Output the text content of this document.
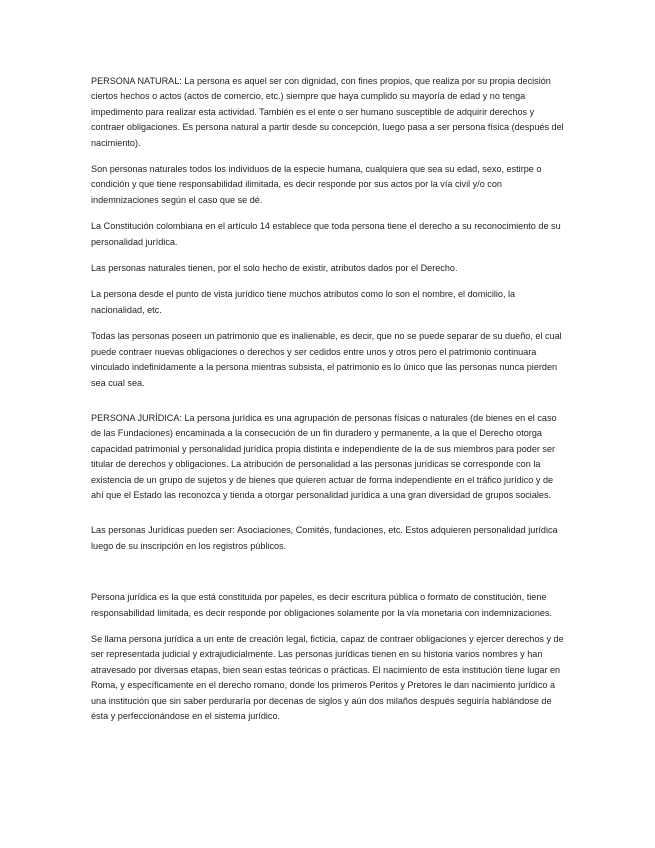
PERSONA NATURAL: La persona es aquel ser con dignidad, con fines propios, que realiza por su propia decisión ciertos hechos o actos (actos de comercio, etc.) siempre que haya cumplido su mayoría de edad y no tenga impedimento para realizar esta actividad. También es el ente o ser humano susceptible de adquirir derechos y contraer obligaciones. Es persona natural a partir desde su concepción, luego pasa a ser persona física (después del nacimiento).

Son personas naturales todos los individuos de la especie humana, cualquiera que sea su edad, sexo, estirpe o condición y que tiene responsabilidad ilimitada, es decir responde por sus actos por la vía civil y/o con indemnizaciones según el caso que se dé.

La Constitución colombiana en el artículo 14 establece que toda persona tiene el derecho a su reconocimiento de su personalidad jurídica.

Las personas naturales tienen, por el solo hecho de existir, atributos dados por el Derecho.

La persona desde el punto de vista jurídico tiene muchos atributos como lo son el nombre, el domicilio, la nacionalidad, etc.

Todas las personas poseen un patrimonio que es inalienable, es decir, que no se puede separar de su dueño, el cual puede contraer nuevas obligaciones o derechos y ser cedidos entre unos y otros pero el patrimonio continuara vinculado indefinidamente a la persona mientras subsista, el patrimonio es lo único que las personas nunca pierden sea cual sea.

PERSONA JURÍDICA: La persona jurídica es una agrupación de personas físicas o naturales (de bienes en el caso de las Fundaciones) encaminada a la consecución de un fin duradero y permanente, a la que el Derecho otorga capacidad patrimonial y personalidad jurídica propia distinta e independiente de la de sus miembros para poder ser titular de derechos y obligaciones. La atribución de personalidad a las personas jurídicas se corresponde con la existencia de un grupo de sujetos y de bienes que quieren actuar de forma independiente en el tráfico jurídico y de ahí que el Estado las reconozca y tienda a otorgar personalidad jurídica a una gran diversidad de grupos sociales.

Las personas Jurídicas pueden ser: Asociaciones, Comités, fundaciones, etc. Estos adquieren personalidad jurídica luego de su inscripción en los registros públicos.

Persona jurídica es la que está constituida por papeles, es decir escritura pública o formato de constitución, tiene responsabilidad limitada, es decir responde por obligaciones solamente por la vía monetaria con indemnizaciones.

Se llama persona jurídica a un ente de creación legal, ficticia, capaz de contraer obligaciones y ejercer derechos y de ser representada judicial y extrajudicialmente. Las personas jurídicas tienen en su historia varios nombres y han atravesado por diversas etapas, bien sean estas teóricas o prácticas. El nacimiento de esta institución tiene lugar en Roma, y específicamente en el derecho romano, donde los primeros Peritos y Pretores le dan nacimiento jurídico a una institución que sin saber perduraría por decenas de siglos y aún dos milaños después seguiría hablándose de ésta y perfeccionándose en el sistema jurídico.
